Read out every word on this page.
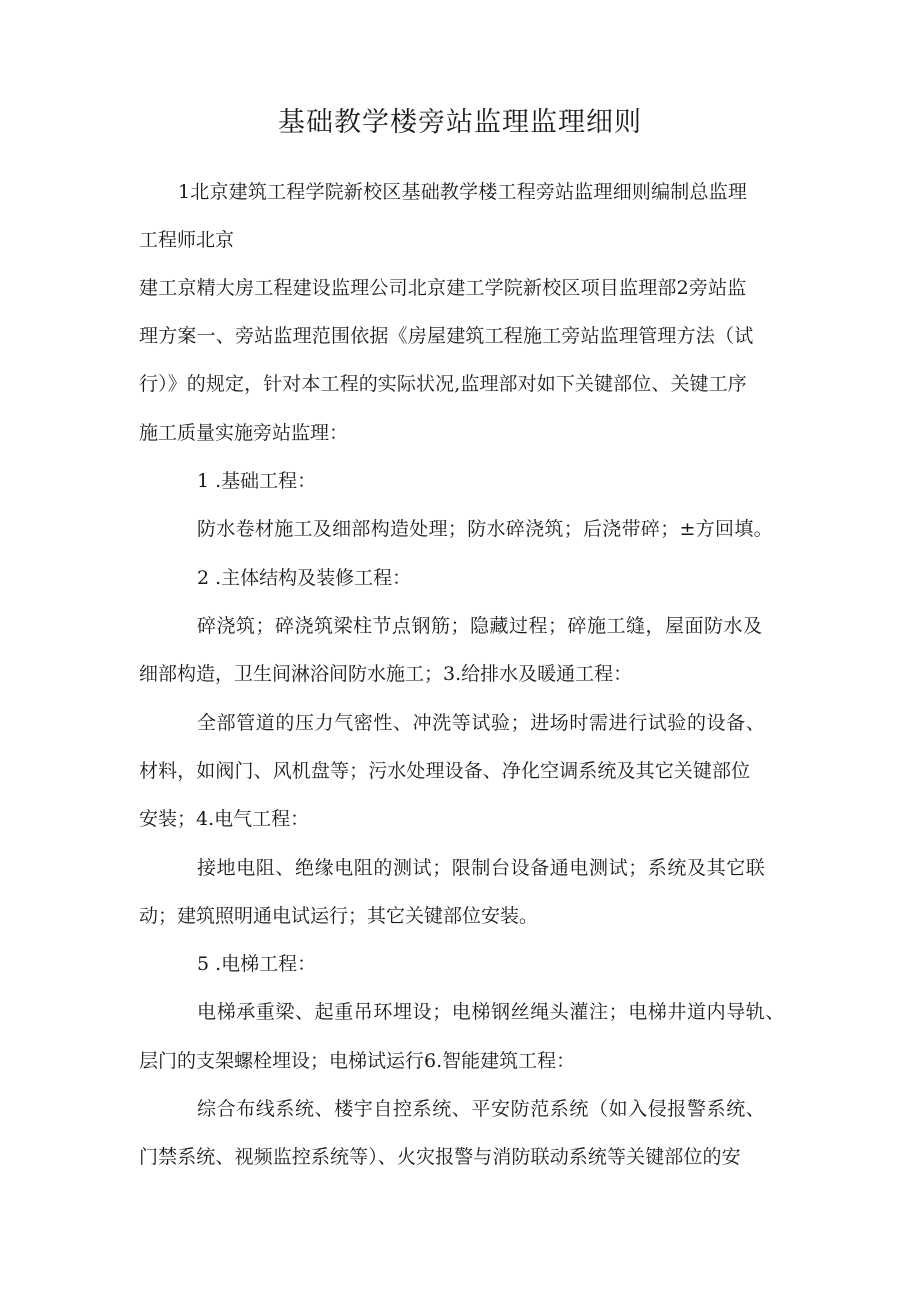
基础教学楼旁站监理监理细则
1北京建筑工程学院新校区基础教学楼工程旁站监理细则编制总监理
工程师北京
建工京精大房工程建设监理公司北京建工学院新校区项目监理部2旁站监
理方案一、旁站监理范围依据《房屋建筑工程施工旁站监理管理方法（试
行）》的规定，针对本工程的实际状况,监理部对如下关键部位、关键工序
施工质量实施旁站监理：
1 .基础工程：
防水卷材施工及细部构造处理；防水碎浇筑；后浇带碎；±方回填。
2 .主体结构及装修工程：
碎浇筑；碎浇筑梁柱节点钢筋；隐藏过程；碎施工缝，屋面防水及
细部构造，卫生间淋浴间防水施工；3.给排水及暖通工程：
全部管道的压力气密性、冲洗等试验；进场时需进行试验的设备、
材料，如阀门、风机盘等；污水处理设备、净化空调系统及其它关键部位
安装；4.电气工程：
接地电阻、绝缘电阻的测试；限制台设备通电测试；系统及其它联
动；建筑照明通电试运行；其它关键部位安装。
5 .电梯工程：
电梯承重梁、起重吊环埋设；电梯钢丝绳头灌注；电梯井道内导轨、
层门的支架螺栓埋设；电梯试运行6.智能建筑工程：
综合布线系统、楼宇自控系统、平安防范系统（如入侵报警系统、
门禁系统、视频监控系统等）、火灾报警与消防联动系统等关键部位的安
